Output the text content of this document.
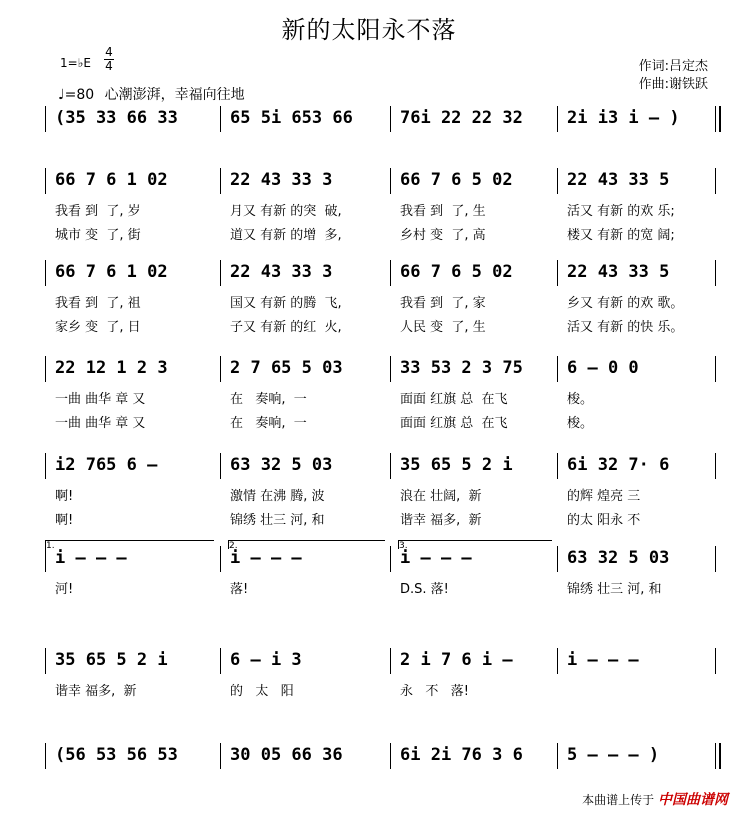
新的太阳永不落
1=♭E
4
4
♩=80 心潮澎湃，幸福向往地
作词:吕定杰
作曲:谢铁跃
(35 33 66 33	65 5i 653 66	76i 22 22 32	2i i3 i – )
66 7 6 1 02	22 43 33 3	66 7 6 5 02	22 43 33 5
我看 到  了, 岁	月又 有新 的突  破,	我看 到  了, 生	活又 有新 的欢 乐;
城市 变  了, 街	道又 有新 的增  多,	乡村 变  了, 高	楼又 有新 的宽 阔;
66 7 6 1 02	22 43 33 3	66 7 6 5 02	22 43 33 5
我看 到  了, 祖	国又 有新 的腾  飞,	我看 到  了, 家	乡又 有新 的欢 歌。
家乡 变  了, 日	子又 有新 的红  火,	人民 变  了, 生	活又 有新 的快 乐。
22 12 1 2 3	2 7 65 5 03	33 53 2 3 75	6 – 0 0
一曲 曲华 章 又	在   奏响,  一	面面 红旗 总  在飞	梭。
一曲 曲华 章 又	在   奏响,  一	面面 红旗 总  在飞	梭。
i2 765 6 –	63 32 5 03	35 65 5 2 i	6i 32 7· 6
啊!	激情 在沸 腾, 波	浪在 壮阔,  新	的辉 煌亮 三
啊!	锦绣 壮三 河, 和	谐幸 福多,  新	的太 阳永 不
1.	2.	3.
i – – –	i – – –	i – – –	63 32 5 03
河!	落!	D.S. 落!	锦绣 壮三 河, 和
35 65 5 2 i	6 – i 3	2 i 7 6 i –	i – – –
谐幸 福多,  新	的   太   阳	永   不   落!
(56 53 56 53	30 05 66 36	6i 2i 76 3 6	5 – – – )
本曲谱上传于 中国曲谱网
